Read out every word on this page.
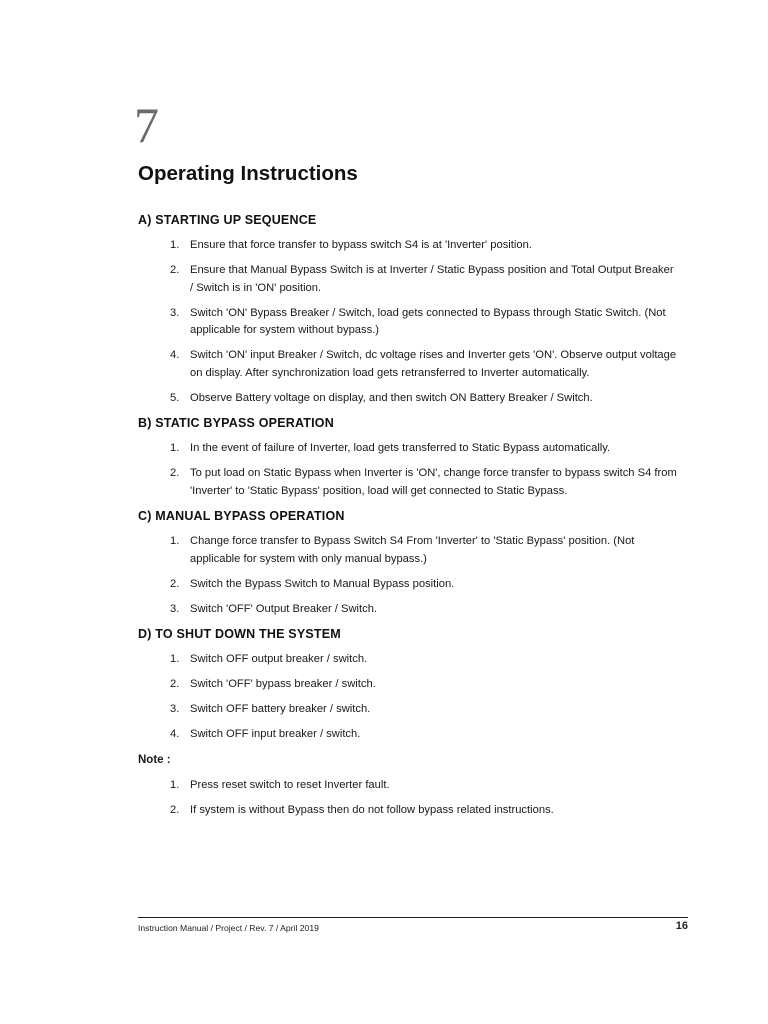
7
Operating Instructions
A) STARTING UP SEQUENCE
1. Ensure that force transfer to bypass switch S4 is at 'Inverter' position.
2. Ensure that Manual Bypass Switch is at Inverter / Static Bypass position and Total Output Breaker / Switch is in 'ON' position.
3. Switch 'ON' Bypass Breaker / Switch, load gets connected to Bypass through Static Switch. (Not applicable for system without bypass.)
4. Switch 'ON' input Breaker / Switch, dc voltage rises and Inverter gets 'ON'. Observe output voltage on display. After synchronization load gets retransferred to Inverter automatically.
5. Observe Battery voltage on display, and then switch ON Battery Breaker / Switch.
B) STATIC BYPASS OPERATION
1. In the event of failure of Inverter, load gets transferred to Static Bypass automatically.
2. To put load on Static Bypass when Inverter is 'ON', change force transfer to bypass switch S4 from 'Inverter' to 'Static Bypass' position, load will get connected to Static Bypass.
C) MANUAL BYPASS OPERATION
1. Change force transfer to Bypass Switch S4 From 'Inverter' to 'Static Bypass' position. (Not applicable for system with only manual bypass.)
2. Switch the Bypass Switch to Manual Bypass position.
3. Switch 'OFF' Output Breaker / Switch.
D) TO SHUT DOWN THE SYSTEM
1. Switch OFF output breaker / switch.
2. Switch 'OFF' bypass breaker / switch.
3. Switch OFF battery breaker / switch.
4. Switch OFF input breaker / switch.
Note :
1. Press reset switch to reset Inverter fault.
2. If system is without Bypass then do not follow bypass related instructions.
Instruction Manual / Project / Rev. 7 / April 2019	16
